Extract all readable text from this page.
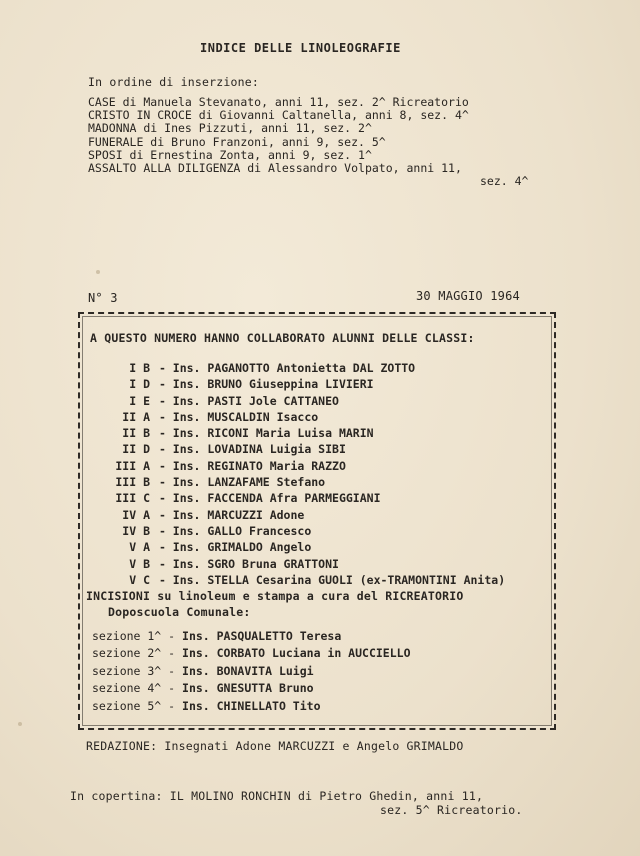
INDICE DELLE LINOLEOGRAFIE
In ordine di inserzione:
CASE di Manuela Stevanato, anni 11, sez. 2^ Ricreatorio
CRISTO IN CROCE di Giovanni Caltanella, anni 8, sez. 4^
MADONNA di Ines Pizzuti, anni 11, sez. 2^
FUNERALE di Bruno Franzoni, anni 9, sez. 5^
SPOSI di Ernestina Zonta, anni 9, sez. 1^
ASSALTO ALLA DILIGENZA di Alessandro Volpato, anni 11,
sez. 4^
N° 3	30 MAGGIO 1964
A QUESTO NUMERO HANNO COLLABORATO ALUNNI DELLE CLASSI:
I B - Ins. PAGANOTTO Antonietta DAL ZOTTO
I D - Ins. BRUNO Giuseppina LIVIERI
I E - Ins. PASTI Jole CATTANEO
II A - Ins. MUSCALDIN Isacco
II B - Ins. RICONI Maria Luisa MARIN
II D - Ins. LOVADINA Luigia SIBI
III A - Ins. REGINATO Maria RAZZO
III B - Ins. LANZAFAME Stefano
III C - Ins. FACCENDA Afra PARMEGGIANI
IV A - Ins. MARCUZZI Adone
IV B - Ins. GALLO Francesco
V A - Ins. GRIMALDO Angelo
V B - Ins. SGRO Bruna GRATTONI
V C - Ins. STELLA Cesarina GUOLI (ex-TRAMONTINI Anita)
INCISIONI su linoleum e stampa a cura del RICREATORIO
Doposcuola Comunale:
sezione 1^ - Ins. PASQUALETTO Teresa
sezione 2^ - Ins. CORBATO Luciana in AUCCIELLO
sezione 3^ - Ins. BONAVITA Luigi
sezione 4^ - Ins. GNESUTTA Bruno
sezione 5^ - Ins. CHINELLATO Tito
REDAZIONE: Insegnati Adone MARCUZZI e Angelo GRIMALDO
In copertina: IL MOLINO RONCHIN di Pietro Ghedin, anni 11,
sez. 5^ Ricreatorio.
